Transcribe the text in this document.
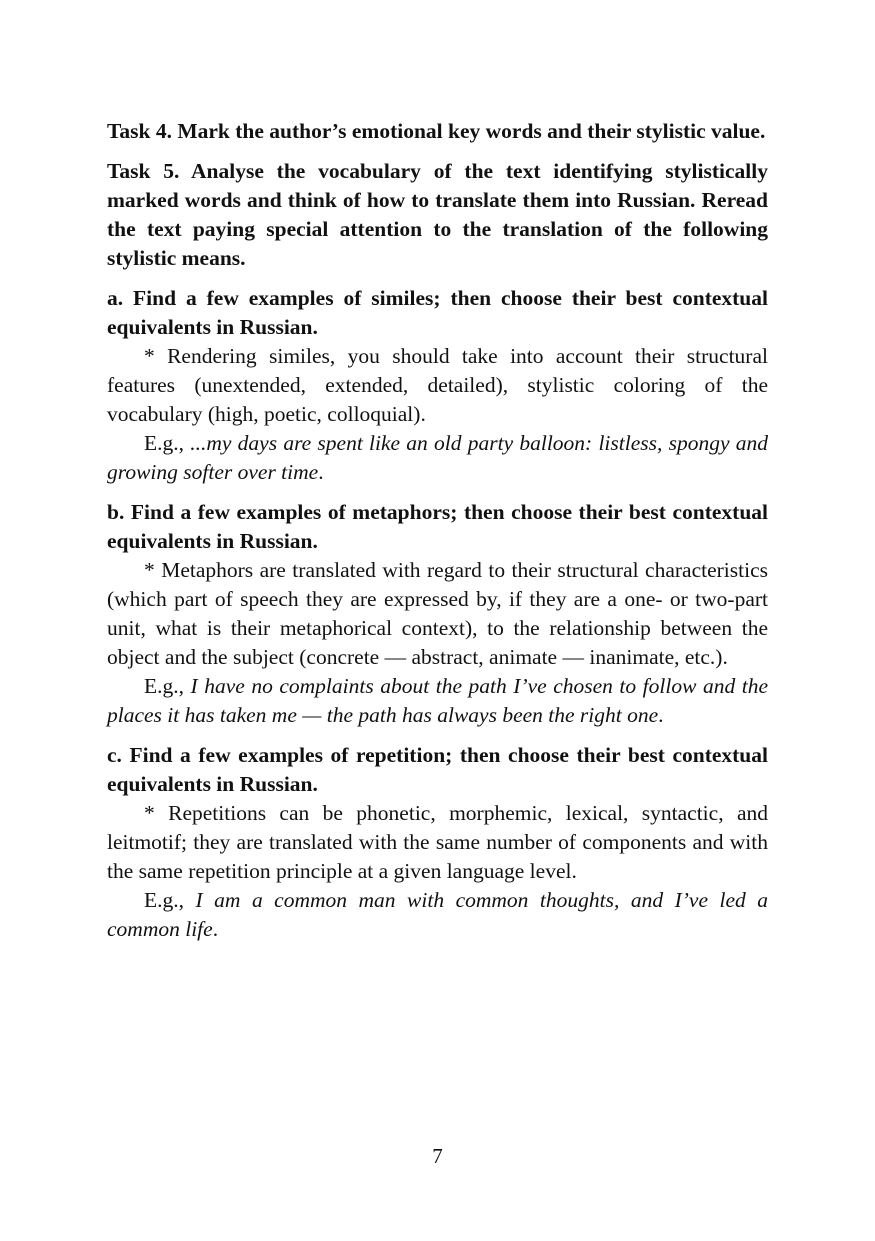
Task 4. Mark the author’s emotional key words and their stylistic value.

Task 5. Analyse the vocabulary of the text identifying stylistically marked words and think of how to translate them into Russian. Reread the text paying special attention to the translation of the following stylistic means.

a. Find a few examples of similes; then choose their best contextual equivalents in Russian.

* Rendering similes, you should take into account their structural features (unextended, extended, detailed), stylistic coloring of the vocabulary (high, poetic, colloquial).

E.g., ...my days are spent like an old party balloon: listless, spongy and growing softer over time.

b. Find a few examples of metaphors; then choose their best contextual equivalents in Russian.

* Metaphors are translated with regard to their structural characteristics (which part of speech they are expressed by, if they are a one- or two-part unit, what is their metaphorical context), to the relationship between the object and the subject (concrete — abstract, animate — inanimate, etc.).

E.g., I have no complaints about the path I’ve chosen to follow and the places it has taken me — the path has always been the right one.

c. Find a few examples of repetition; then choose their best contextual equivalents in Russian.

* Repetitions can be phonetic, morphemic, lexical, syntactic, and leitmotif; they are translated with the same number of components and with the same repetition principle at a given language level.

E.g., I am a common man with common thoughts, and I’ve led a common life.

7
